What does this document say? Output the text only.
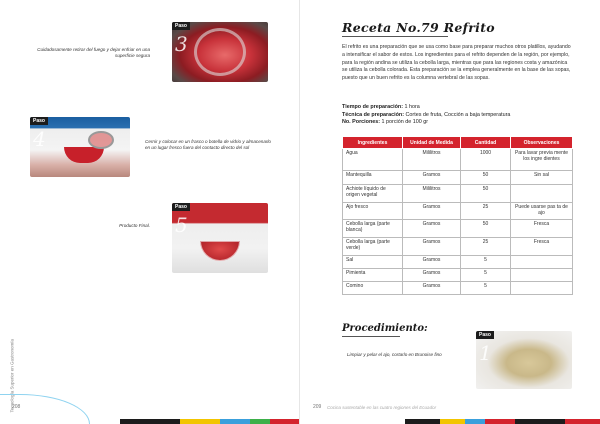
Paso
3
Cuidadosamente retirar del fuego y dejar enfriar en una superficie segura
Paso
4	Cernir y colocar en un frasco o botella de vidrio y almacenarlo en un lugar fresco fuera del contacto directo del sol
Paso
5
Producto Final.
Tecnología Superior en Gastronomía
208
Receta No.79 Refrito
El refrito es una preparación que se usa como base para preparar muchos otros platillos, ayudando a intensificar el sabor de estos. Los ingredientes para el refrito dependen de la región, por ejemplo, para la región andina se utiliza la cebolla larga, mientras que para las regiones costa y amazónica se utiliza la cebolla colorada. Esta preparación se la emplea generalmente en la base de las sopas, puesto que un buen refrito es la columna vertebral de las sopas.
Tiempo de preparación: 1 hora
Técnica de preparación: Cortes de fruta, Cocción a baja temperatura
No. Porciones: 1 porción de 100 gr
Ingredientes	Unidad de Medida	Cantidad	Observaciones
Agua	Mililitros	1000	Para lavar previa mente los ingre dientes
Mantequilla	Gramos	50	Sin sal
Achiote líquido de origen vegetal	Mililitros	50	
Ajo fresco	Gramos	25	Puede usarse pas ta de ajo
Cebolla larga (parte blanca)	Gramos	50	Fresca
Cebolla larga (parte verde)	Gramos	25	Fresca
Sal	Gramos	5	
Pimienta	Gramos	5	
Comino	Gramos	5	
Procedimiento:
Limpiar y pelar el ajo, cortarlo en Brunoise fino
Paso
1
209 Cocina sustentable en las cuatro regiones del Ecuador
